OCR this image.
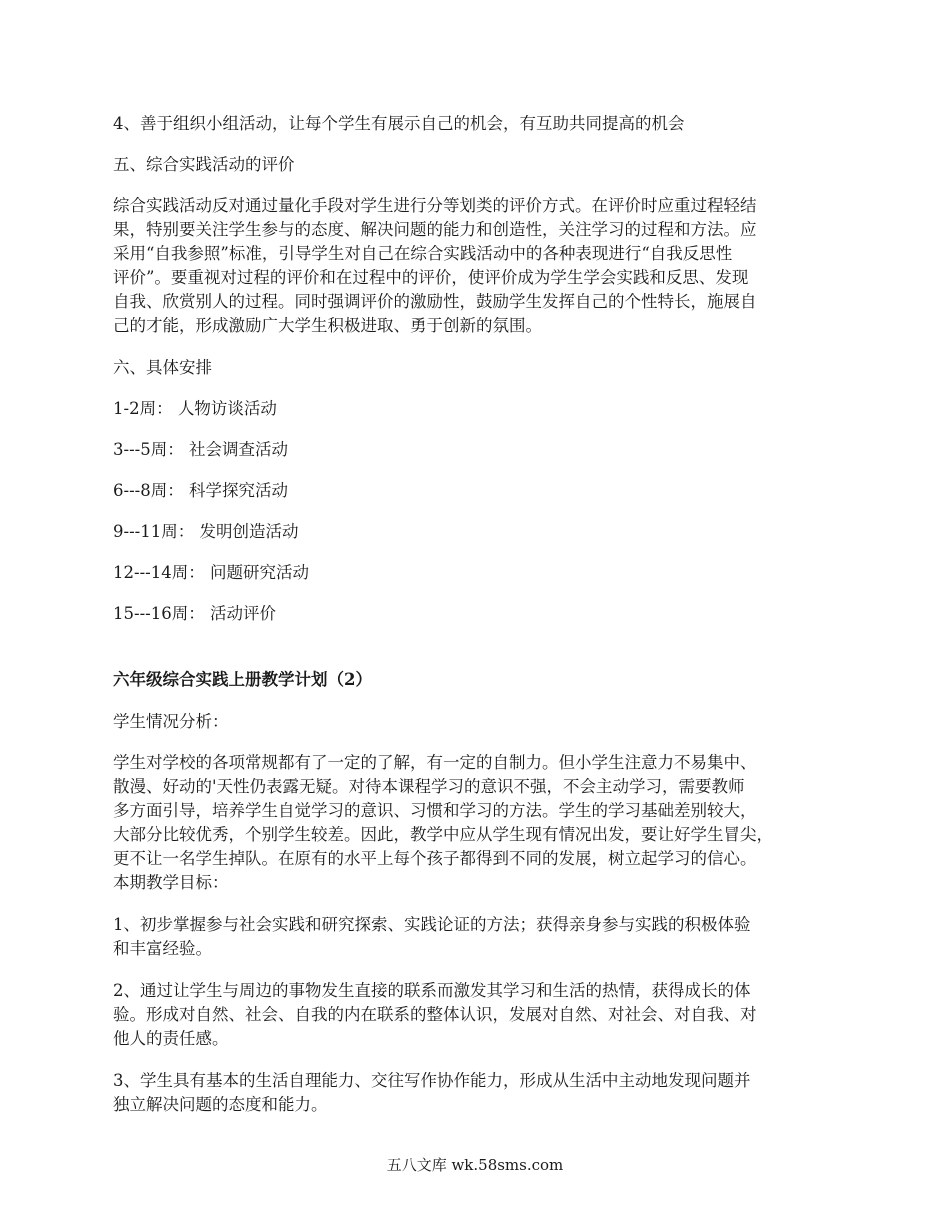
4、善于组织小组活动，让每个学生有展示自己的机会，有互助共同提高的机会

五、综合实践活动的评价

综合实践活动反对通过量化手段对学生进行分等划类的评价方式。在评价时应重过程轻结
果，特别要关注学生参与的态度、解决问题的能力和创造性，关注学习的过程和方法。应
采用“自我参照”标准，引导学生对自己在综合实践活动中的各种表现进行“自我反思性
评价”。要重视对过程的评价和在过程中的评价，使评价成为学生学会实践和反思、发现
自我、欣赏别人的过程。同时强调评价的激励性，鼓励学生发挥自己的个性特长，施展自
己的才能，形成激励广大学生积极进取、勇于创新的氛围。

六、具体安排

1-2周： 人物访谈活动

3---5周： 社会调查活动

6---8周： 科学探究活动

9---11周： 发明创造活动

12---14周： 问题研究活动

15---16周： 活动评价

六年级综合实践上册教学计划（2）

学生情况分析：

学生对学校的各项常规都有了一定的了解，有一定的自制力。但小学生注意力不易集中、
散漫、好动的'天性仍表露无疑。对待本课程学习的意识不强，不会主动学习，需要教师
多方面引导，培养学生自觉学习的意识、习惯和学习的方法。学生的学习基础差别较大，
大部分比较优秀，个别学生较差。因此，教学中应从学生现有情况出发，要让好学生冒尖，
更不让一名学生掉队。在原有的水平上每个孩子都得到不同的发展，树立起学习的信心。
本期教学目标：

1、初步掌握参与社会实践和研究探索、实践论证的方法；获得亲身参与实践的积极体验
和丰富经验。

2、通过让学生与周边的事物发生直接的联系而激发其学习和生活的热情，获得成长的体
验。形成对自然、社会、自我的内在联系的整体认识，发展对自然、对社会、对自我、对
他人的责任感。

3、学生具有基本的生活自理能力、交往写作协作能力，形成从生活中主动地发现问题并
独立解决问题的态度和能力。

五八文库 wk.58sms.com
